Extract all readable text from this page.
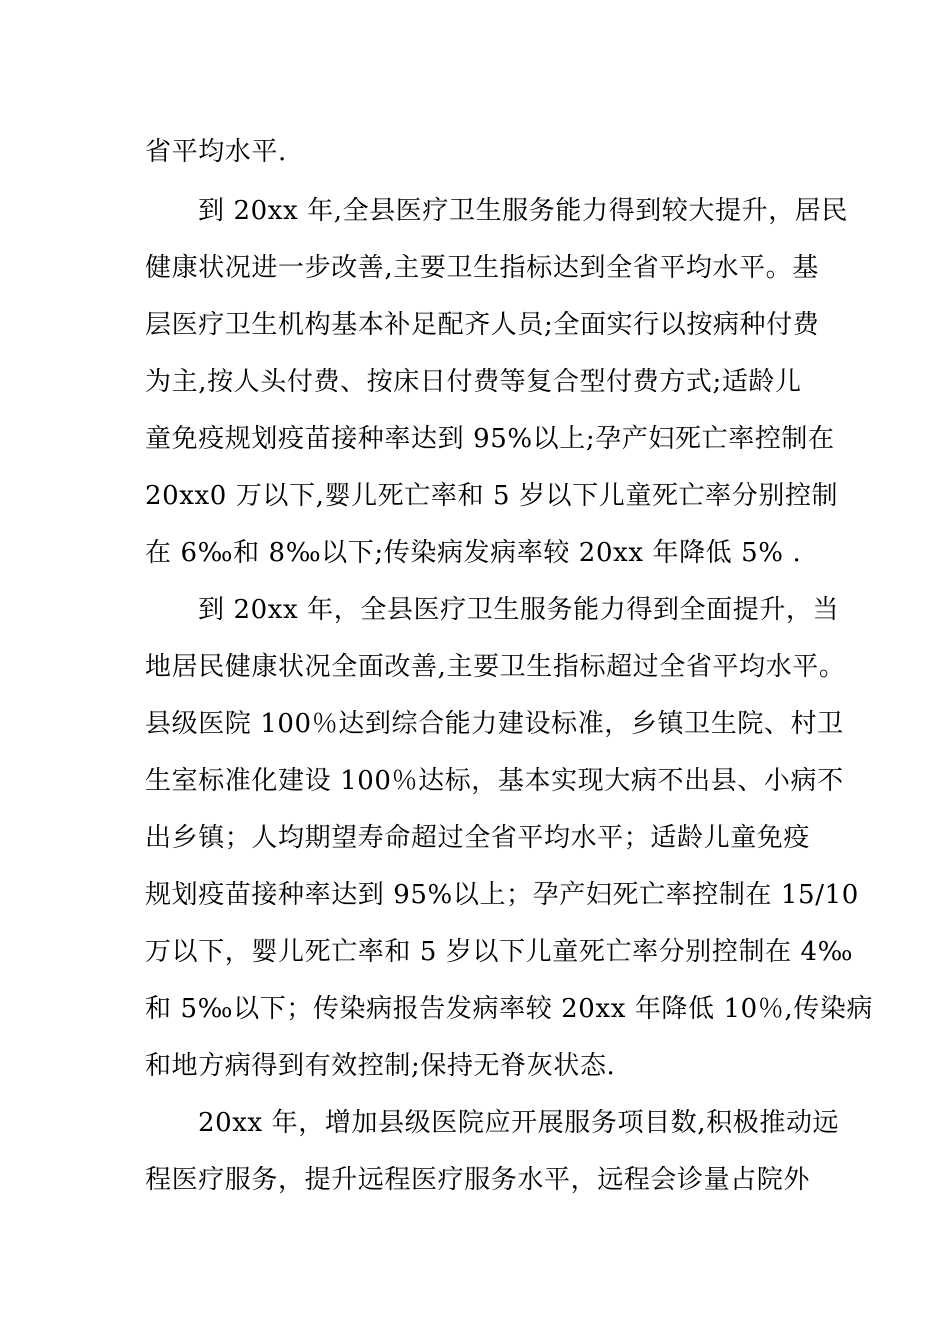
省平均水平.
到 20xx 年,全县医疗卫生服务能力得到较大提升，居民
健康状况进一步改善,主要卫生指标达到全省平均水平。基
层医疗卫生机构基本补足配齐人员;全面实行以按病种付费
为主,按人头付费、按床日付费等复合型付费方式;适龄儿
童免疫规划疫苗接种率达到 95%以上;孕产妇死亡率控制在
20xx0 万以下,婴儿死亡率和 5 岁以下儿童死亡率分别控制
在 6‰和 8‰以下;传染病发病率较 20xx 年降低 5% .
到 20xx 年，全县医疗卫生服务能力得到全面提升，当
地居民健康状况全面改善,主要卫生指标超过全省平均水平。
县级医院 100％达到综合能力建设标准，乡镇卫生院、村卫
生室标准化建设 100％达标，基本实现大病不出县、小病不
出乡镇；人均期望寿命超过全省平均水平；适龄儿童免疫
规划疫苗接种率达到 95%以上；孕产妇死亡率控制在 15/10
万以下，婴儿死亡率和 5 岁以下儿童死亡率分别控制在 4‰
和 5‰以下；传染病报告发病率较 20xx 年降低 10％,传染病
和地方病得到有效控制;保持无脊灰状态.
20xx 年，增加县级医院应开展服务项目数,积极推动远
程医疗服务，提升远程医疗服务水平，远程会诊量占院外
